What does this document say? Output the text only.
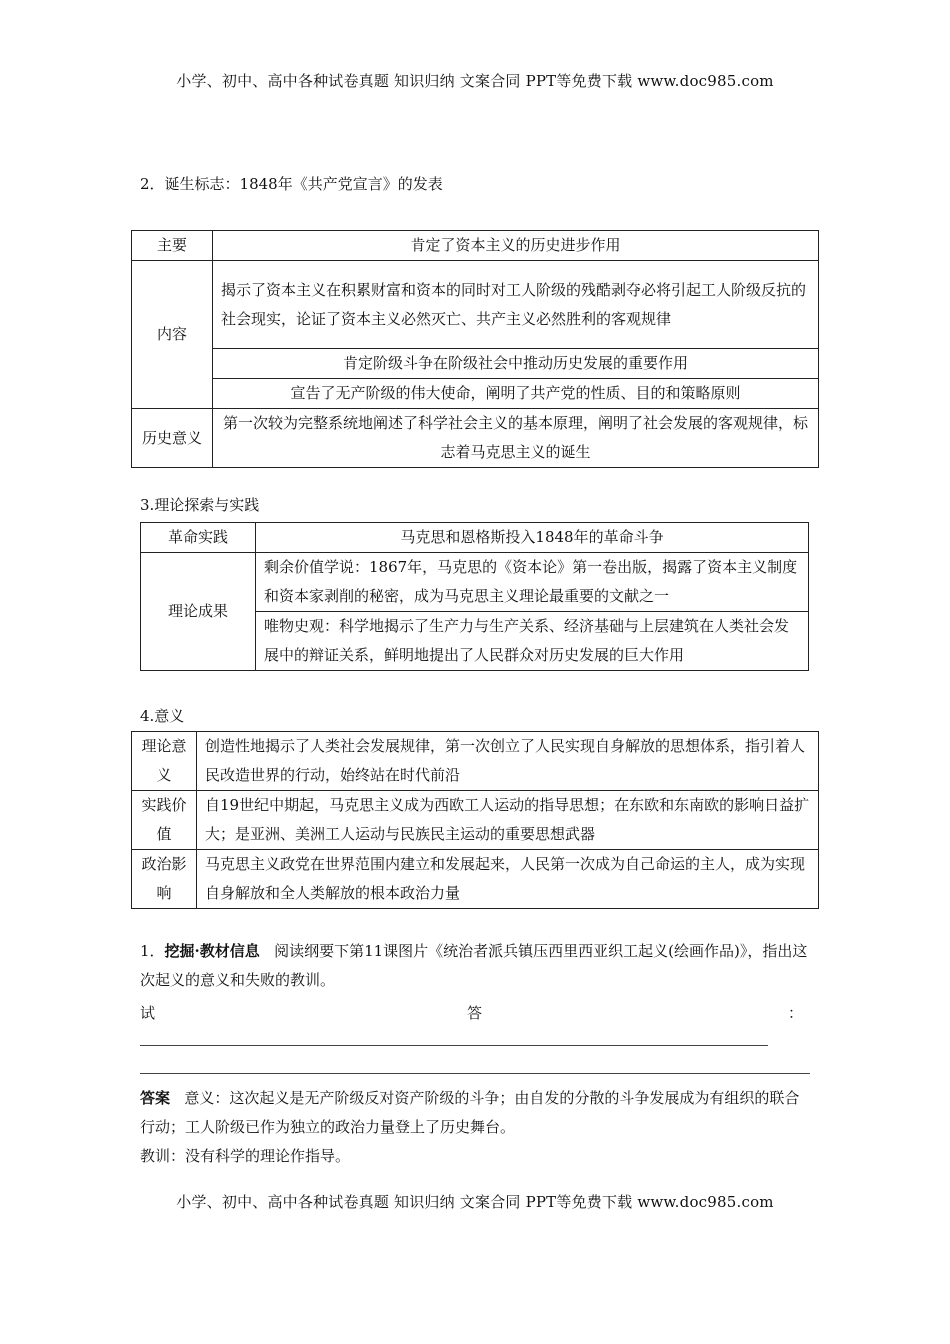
小学、初中、高中各种试卷真题 知识归纳 文案合同 PPT等免费下载 www.doc985.com
2．诞生标志：1848年《共产党宣言》的发表
主要	肯定了资本主义的历史进步作用
内容	揭示了资本主义在积累财富和资本的同时对工人阶级的残酷剥夺必将引起工人阶级反抗的社会现实，论证了资本主义必然灭亡、共产主义必然胜利的客观规律
	肯定阶级斗争在阶级社会中推动历史发展的重要作用
	宣告了无产阶级的伟大使命，阐明了共产党的性质、目的和策略原则
历史意义	第一次较为完整系统地阐述了科学社会主义的基本原理，阐明了社会发展的客观规律，标志着马克思主义的诞生
3.理论探索与实践
革命实践	马克思和恩格斯投入1848年的革命斗争
理论成果	剩余价值学说：1867年，马克思的《资本论》第一卷出版，揭露了资本主义制度和资本家剥削的秘密，成为马克思主义理论最重要的文献之一
	唯物史观：科学地揭示了生产力与生产关系、经济基础与上层建筑在人类社会发展中的辩证关系，鲜明地提出了人民群众对历史发展的巨大作用
4.意义
理论意义	创造性地揭示了人类社会发展规律，第一次创立了人民实现自身解放的思想体系，指引着人民改造世界的行动，始终站在时代前沿
实践价值	自19世纪中期起，马克思主义成为西欧工人运动的指导思想；在东欧和东南欧的影响日益扩大；是亚洲、美洲工人运动与民族民主运动的重要思想武器
政治影响	马克思主义政党在世界范围内建立和发展起来，人民第一次成为自己命运的主人，成为实现自身解放和全人类解放的根本政治力量
1．挖掘·教材信息 阅读纲要下第11课图片《统治者派兵镇压西里西亚织工起义(绘画作品)》，指出这次起义的意义和失败的教训。
试	答	：
答案 意义：这次起义是无产阶级反对资产阶级的斗争；由自发的分散的斗争发展成为有组织的联合行动；工人阶级已作为独立的政治力量登上了历史舞台。
教训：没有科学的理论作指导。
小学、初中、高中各种试卷真题 知识归纳 文案合同 PPT等免费下载 www.doc985.com
